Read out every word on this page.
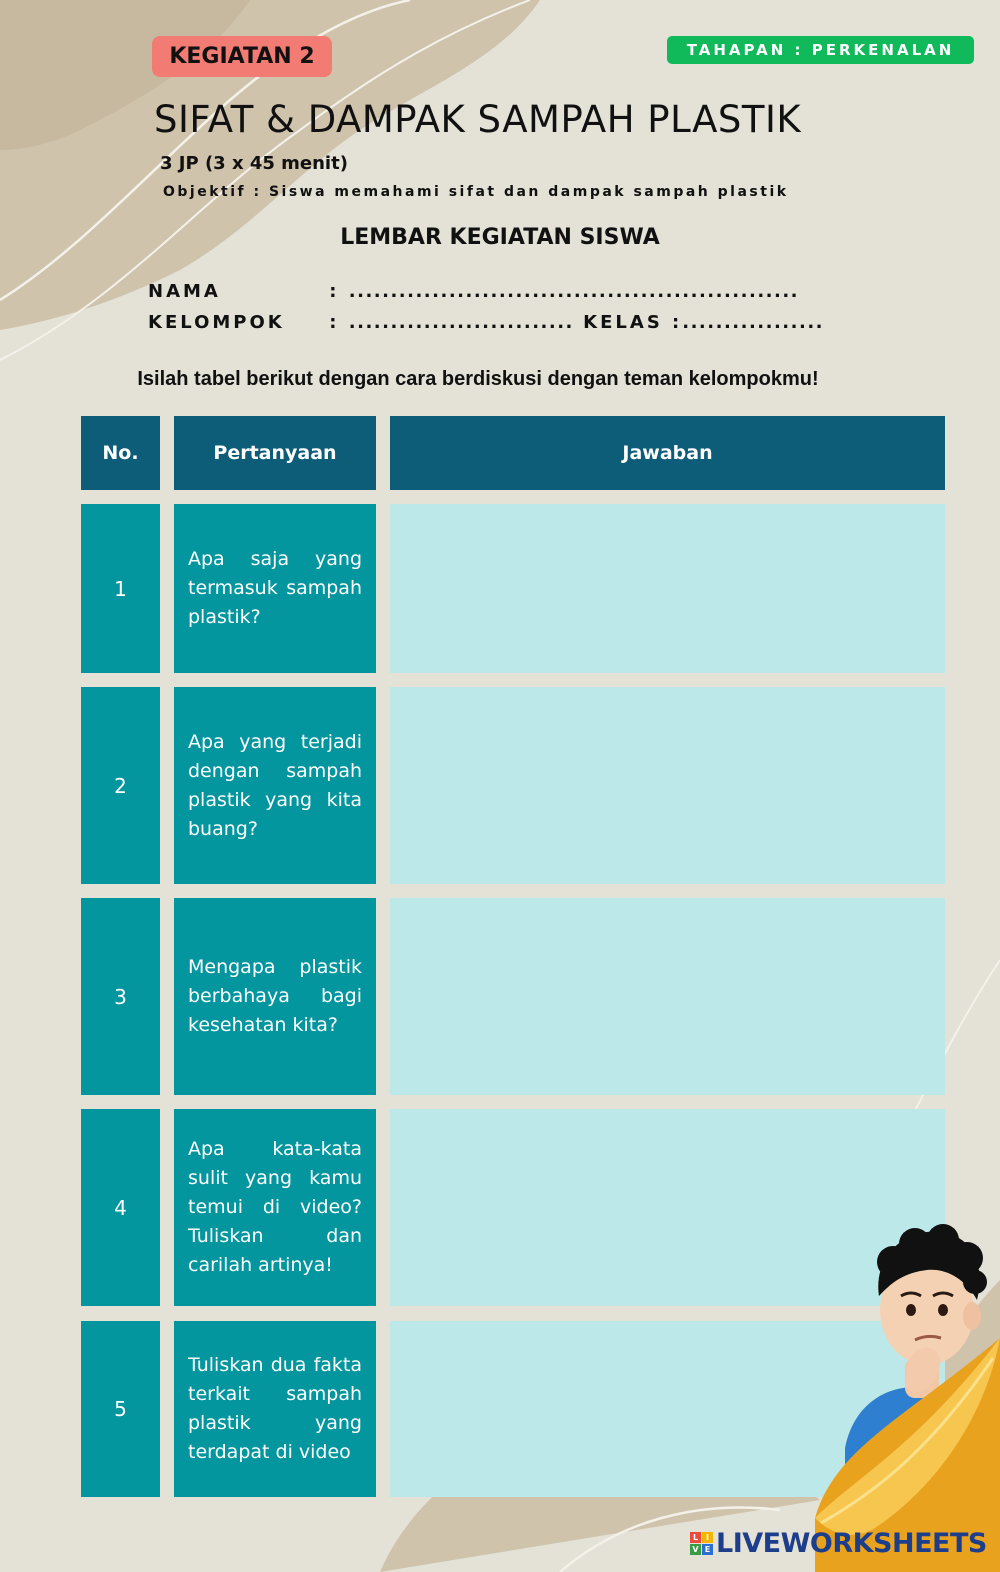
KEGIATAN 2	TAHAPAN : PERKENALAN
SIFAT & DAMPAK SAMPAH PLASTIK
3 JP (3 x 45 menit)
Objektif : Siswa memahami sifat dan dampak sampah plastik
LEMBAR KEGIATAN SISWA
NAMA	: ......................................................
KELOMPOK : ........................... KELAS :.................
Isilah tabel berikut dengan cara berdiskusi dengan teman kelompokmu!
No.	Pertanyaan	Jawaban
1
Apa saja yang termasuk sampah plastik?
2
Apa yang terjadi dengan sampah plastik yang kita buang?
3
Mengapa plastik berbahaya bagi kesehatan kita?
4
Apa kata-kata sulit yang kamu temui di video? Tuliskan dan carilah artinya!
5
Tuliskan dua fakta terkait sampah plastik yang terdapat di video
L I
V E LIVEWORKSHEETS
